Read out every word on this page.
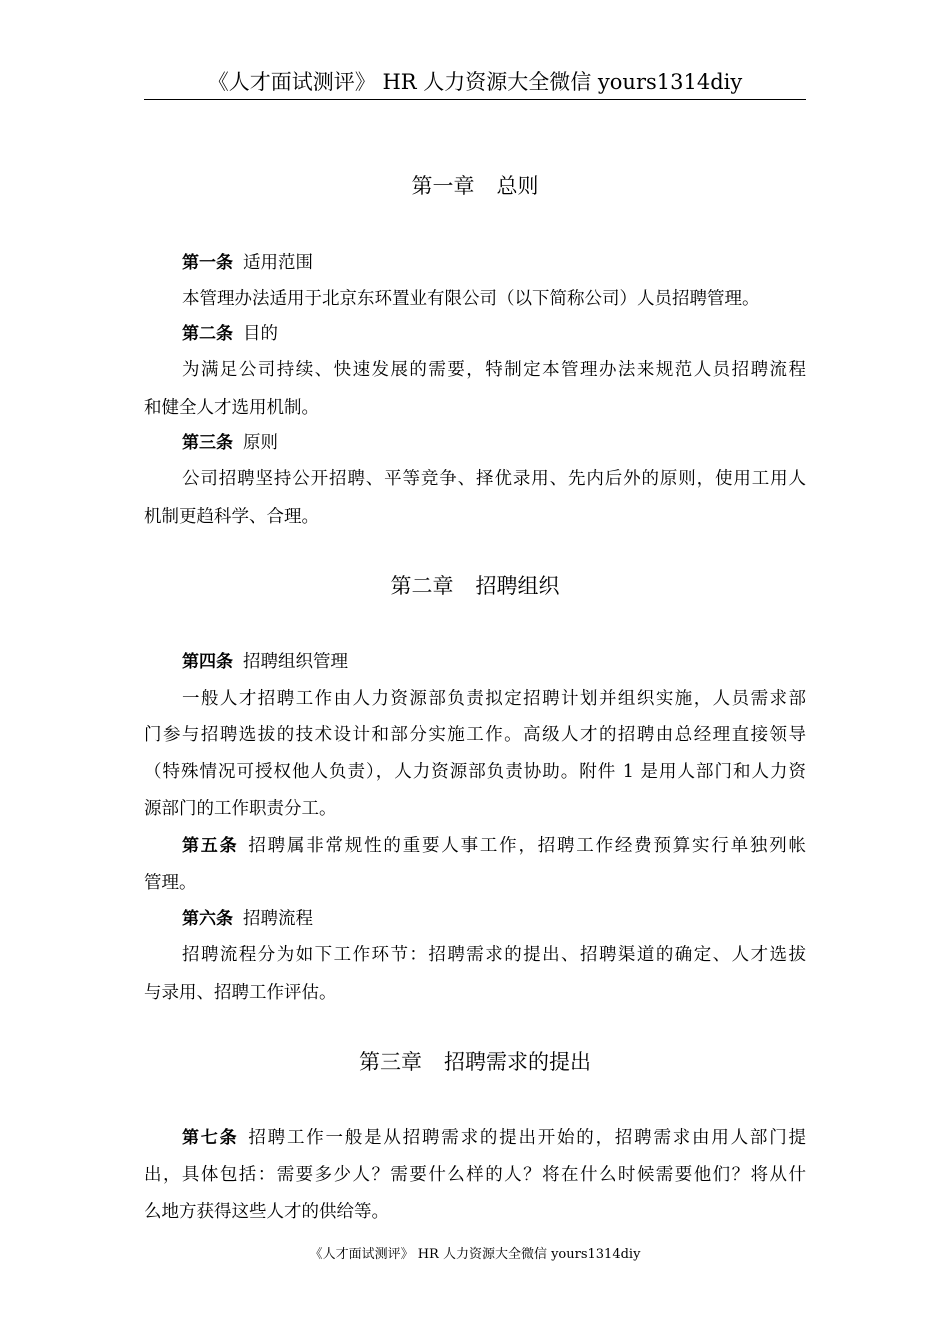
《人才面试测评》 HR 人力资源大全微信 yours1314diy
第一章 总则
第一条 适用范围
本管理办法适用于北京东环置业有限公司（以下简称公司）人员招聘管理。
第二条 目的
为满足公司持续、快速发展的需要，特制定本管理办法来规范人员招聘流程
和健全人才选用机制。
第三条 原则
公司招聘坚持公开招聘、平等竞争、择优录用、先内后外的原则，使用工用人
机制更趋科学、合理。
第二章 招聘组织
第四条 招聘组织管理
一般人才招聘工作由人力资源部负责拟定招聘计划并组织实施，人员需求部
门参与招聘选拔的技术设计和部分实施工作。高级人才的招聘由总经理直接领导
（特殊情况可授权他人负责），人力资源部负责协助。附件 1 是用人部门和人力资
源部门的工作职责分工。
第五条 招聘属非常规性的重要人事工作，招聘工作经费预算实行单独列帐
管理。
第六条 招聘流程
招聘流程分为如下工作环节：招聘需求的提出、招聘渠道的确定、人才选拔
与录用、招聘工作评估。
第三章 招聘需求的提出
第七条 招聘工作一般是从招聘需求的提出开始的，招聘需求由用人部门提
出，具体包括：需要多少人？需要什么样的人？将在什么时候需要他们？将从什
么地方获得这些人才的供给等。
《人才面试测评》 HR 人力资源大全微信 yours1314diy
